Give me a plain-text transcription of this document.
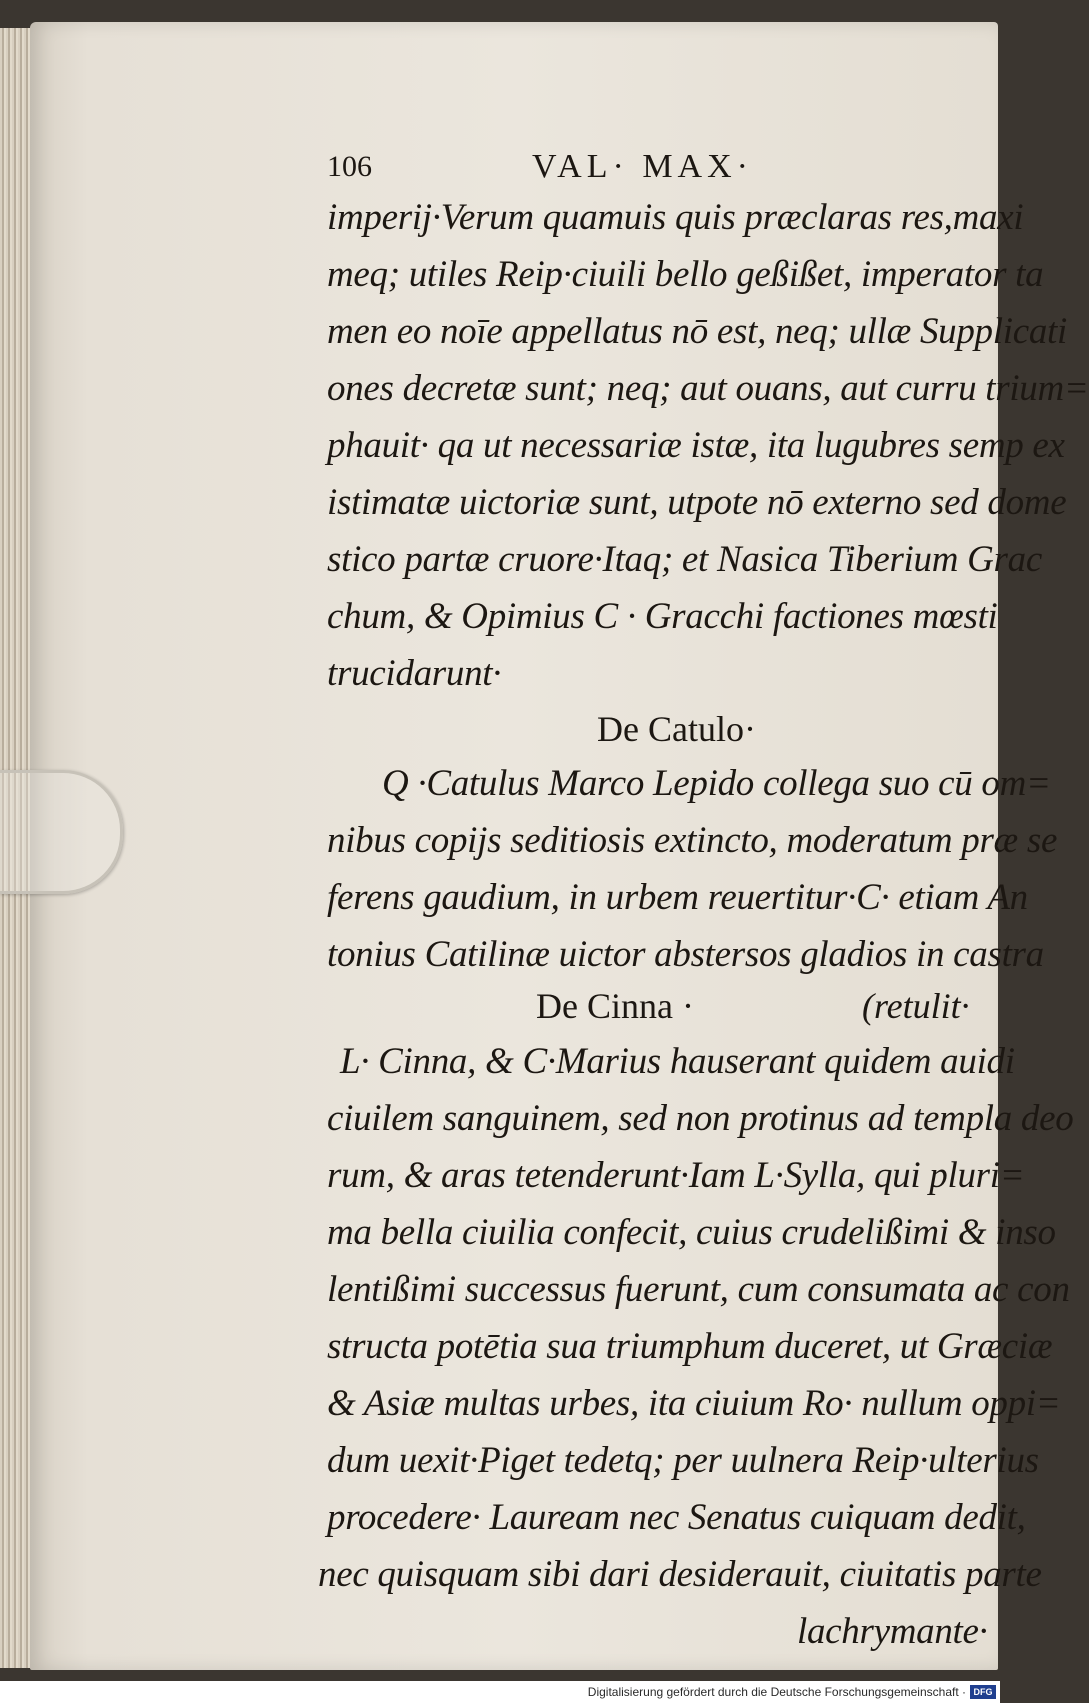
106	VAL· MAX·
imperij·Verum quamuis quis præclaras res,maxi
meq; utiles Reip·ciuili bello geßißet, imperator ta
men eo noīe appellatus nō est, neq; ullæ Supplicati
ones decretæ sunt; neq; aut ouans, aut curru trium=
phauit· qa ut necessariæ istæ, ita lugubres semp ex
istimatæ uictoriæ sunt, utpote nō externo sed dome
stico partæ cruore·Itaq; et Nasica Tiberium Grac
chum, & Opimius C · Gracchi factiones mœsti
trucidarunt·
De Catulo·
Q ·Catulus Marco Lepido collega suo cū om=
nibus copijs seditiosis extincto, moderatum præ se
ferens gaudium, in urbem reuertitur·C· etiam An
tonius Catilinæ uictor abstersos gladios in castra
De Cinna ·	(retulit·
L· Cinna, & C·Marius hauserant quidem auidi
ciuilem sanguinem, sed non protinus ad templa deo
rum, & aras tetenderunt·Iam L·Sylla, qui pluri=
ma bella ciuilia confecit, cuius crudelißimi & inso
lentißimi successus fuerunt, cum consumata ac con
structa potētia sua triumphum duceret, ut Græciæ
& Asiæ multas urbes, ita ciuium Ro· nullum oppi=
dum uexit·Piget tedetq; per uulnera Reip·ulterius
procedere· Lauream nec Senatus cuiquam dedit,
nec quisquam sibi dari desiderauit, ciuitatis parte
lachrymante·
Digitalisierung gefördert durch die Deutsche Forschungsgemeinschaft · DFG
